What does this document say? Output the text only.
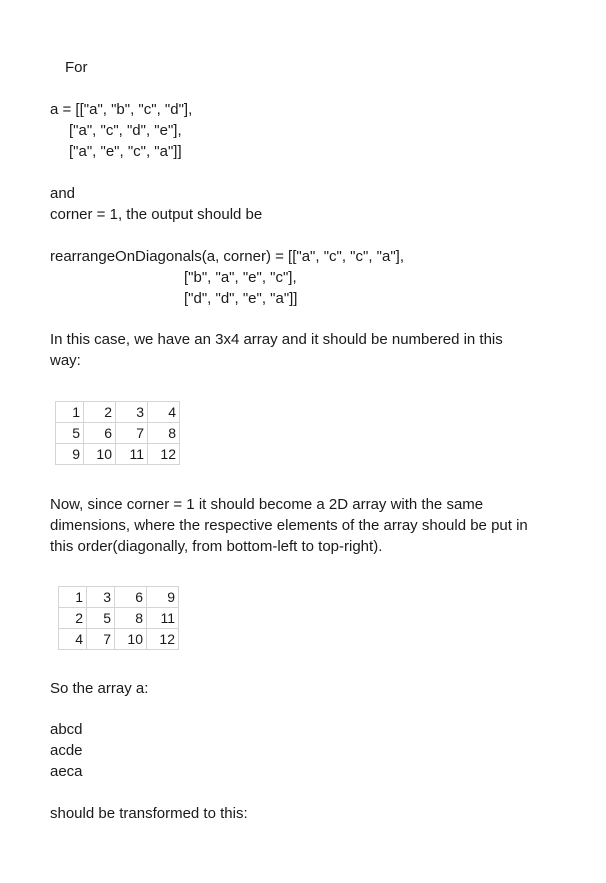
For
a = [["a", "b", "c", "d"],
["a", "c", "d", "e"],
["a", "e", "c", "a"]]
and
corner = 1, the output should be
rearrangeOnDiagonals(a, corner) = [["a", "c", "c", "a"],
["b", "a", "e", "c"],
["d", "d", "e", "a"]]
In this case, we have an 3x4 array and it should be numbered in this
way:
1	2	3	4
5	6	7	8
9	10	11	12
Now, since corner = 1 it should become a 2D array with the same
dimensions, where the respective elements of the array should be put in
this order(diagonally, from bottom-left to top-right).
1	3	6	9
2	5	8	11
4	7	10	12
So the array a:
abcd
acde
aeca
should be transformed to this:
